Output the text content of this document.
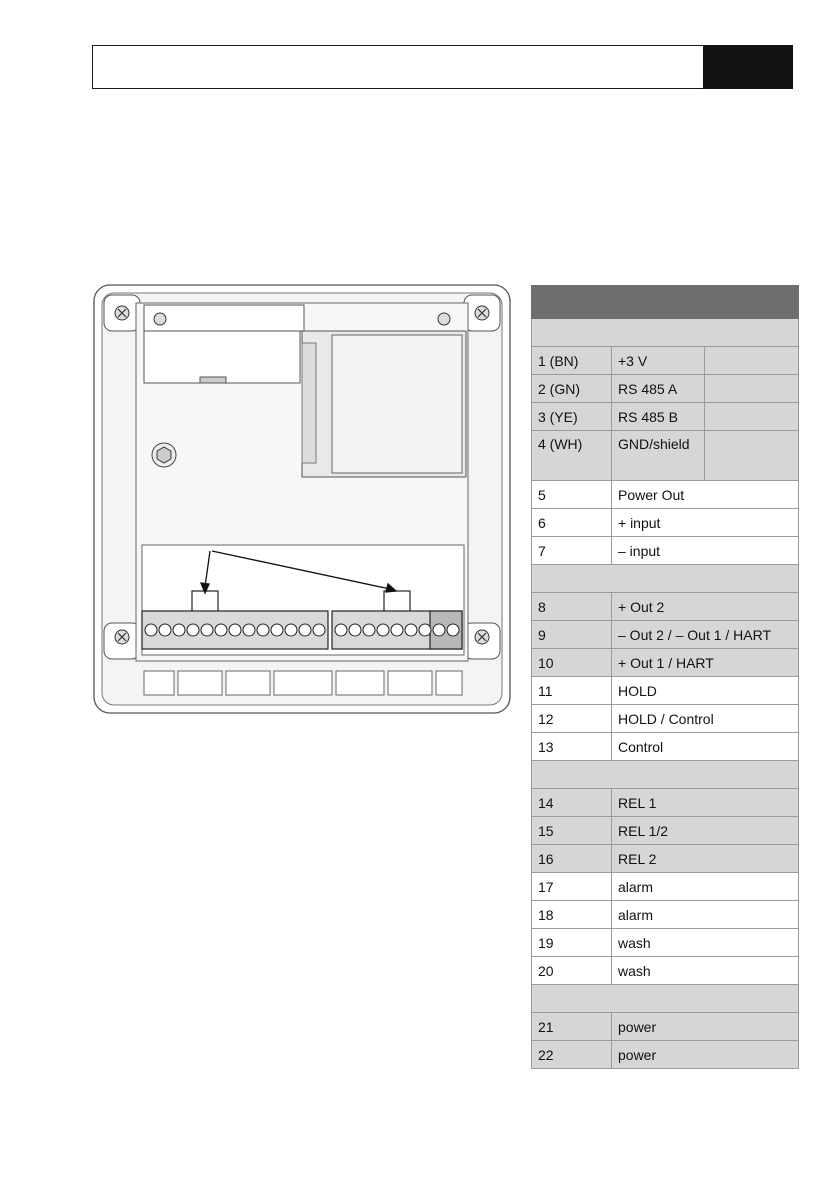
1 (BN)	+3 V	
2 (GN)	RS 485 A	
3 (YE)	RS 485 B	
4 (WH)	GND/shield	
5	Power Out	
6	+ input	
7	– input	

8	+ Out 2	
9	– Out 2 / – Out 1 / HART	
10	+ Out 1 / HART	
11	HOLD	
12	HOLD / Control	
13	Control	

14	REL 1	
15	REL 1/2	
16	REL 2	
17	alarm	
18	alarm	
19	wash	
20	wash	

21	power	
22	power	
